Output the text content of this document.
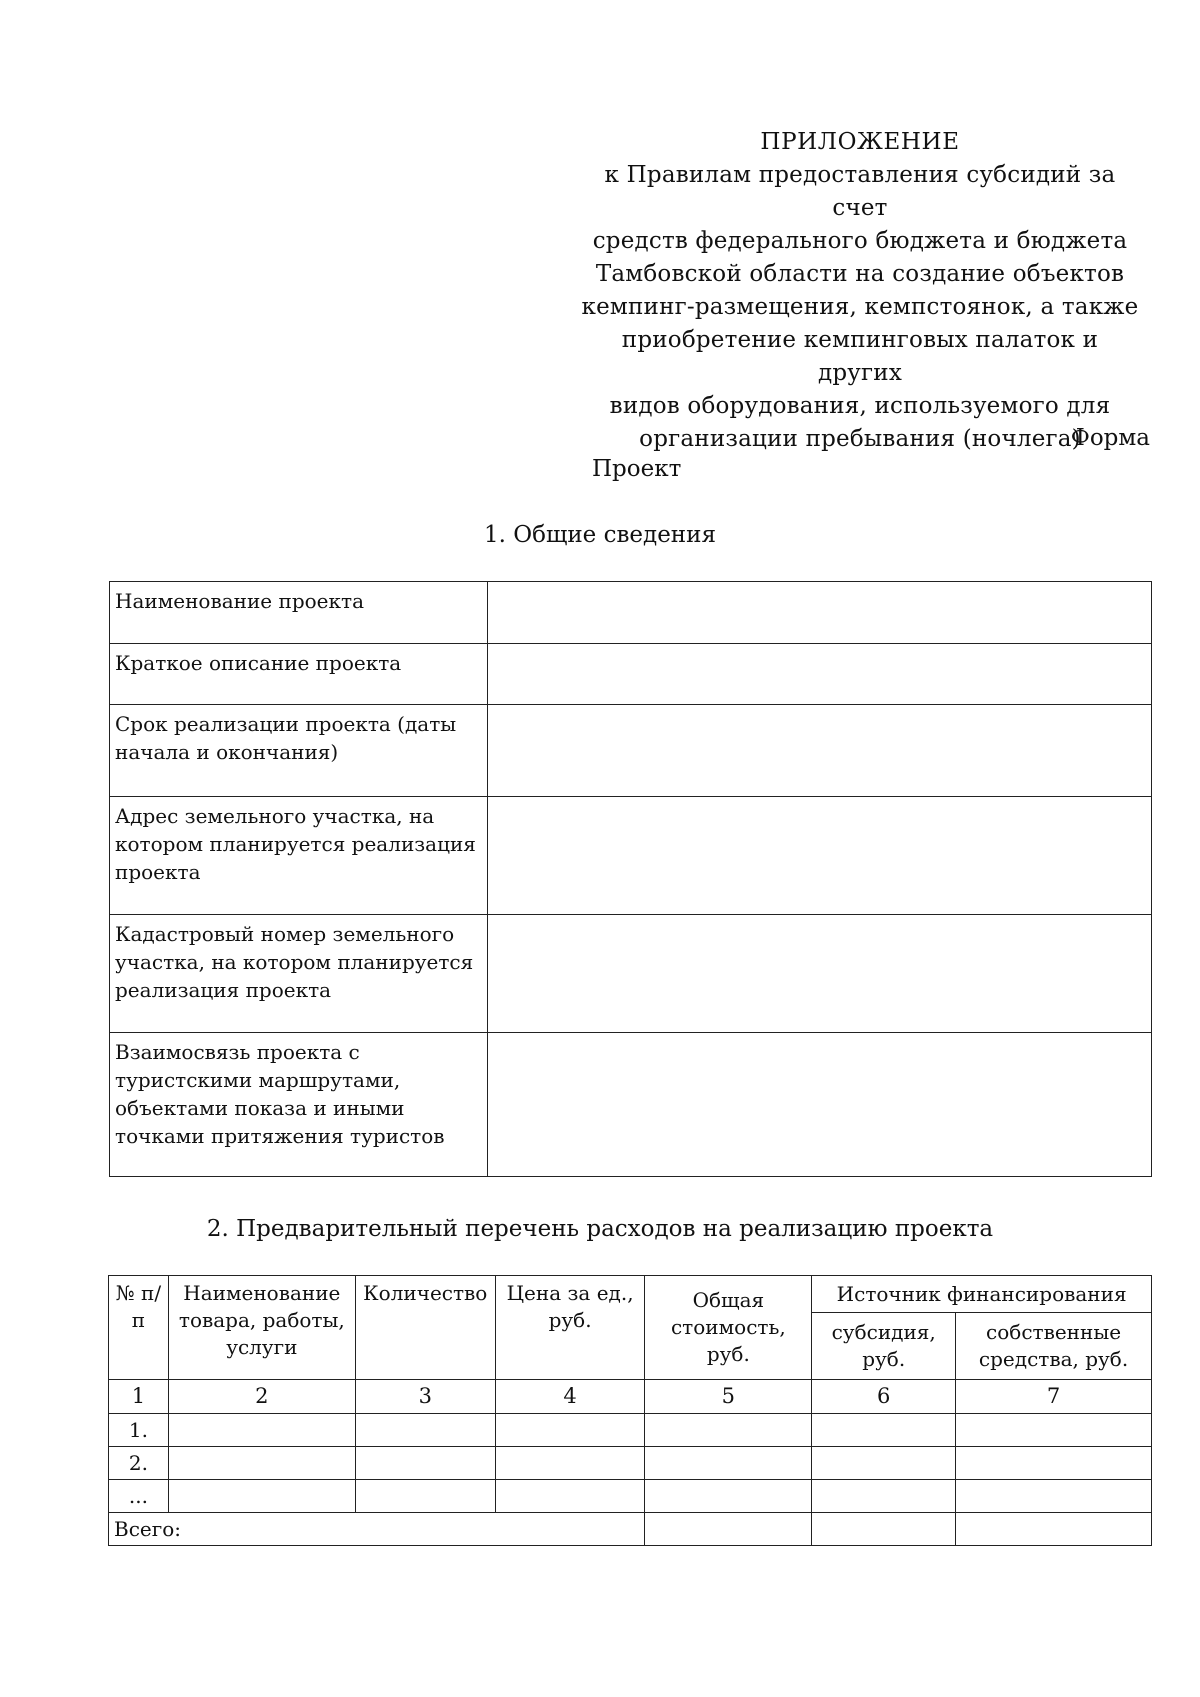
ПРИЛОЖЕНИЕ
к Правилам предоставления субсидий за счет
средств федерального бюджета и бюджета
Тамбовской области на создание объектов
кемпинг-размещения, кемпстоянок, а также
приобретение кемпинговых палаток и других
видов оборудования, используемого для
организации пребывания (ночлега)
Форма
Проект
1. Общие сведения
Наименование проекта	
Краткое описание проекта	
Срок реализации проекта (даты начала и окончания)	
Адрес земельного участка, на котором планируется реализация проекта	
Кадастровый номер земельного участка, на котором планируется реализация проекта	
Взаимосвязь проекта с туристскими маршрутами, объектами показа и иными точками притяжения туристов	
2. Предварительный перечень расходов на реализацию проекта
№ п/п	Наименование товара, работы, услуги	Количество	Цена за ед., руб.	Общая стоимость, руб.	Источник финансирования	
					субсидия, руб.	собственные средства, руб.
1	2	3	4	5	6	7
1.						
2.						
...						
Всего:						
